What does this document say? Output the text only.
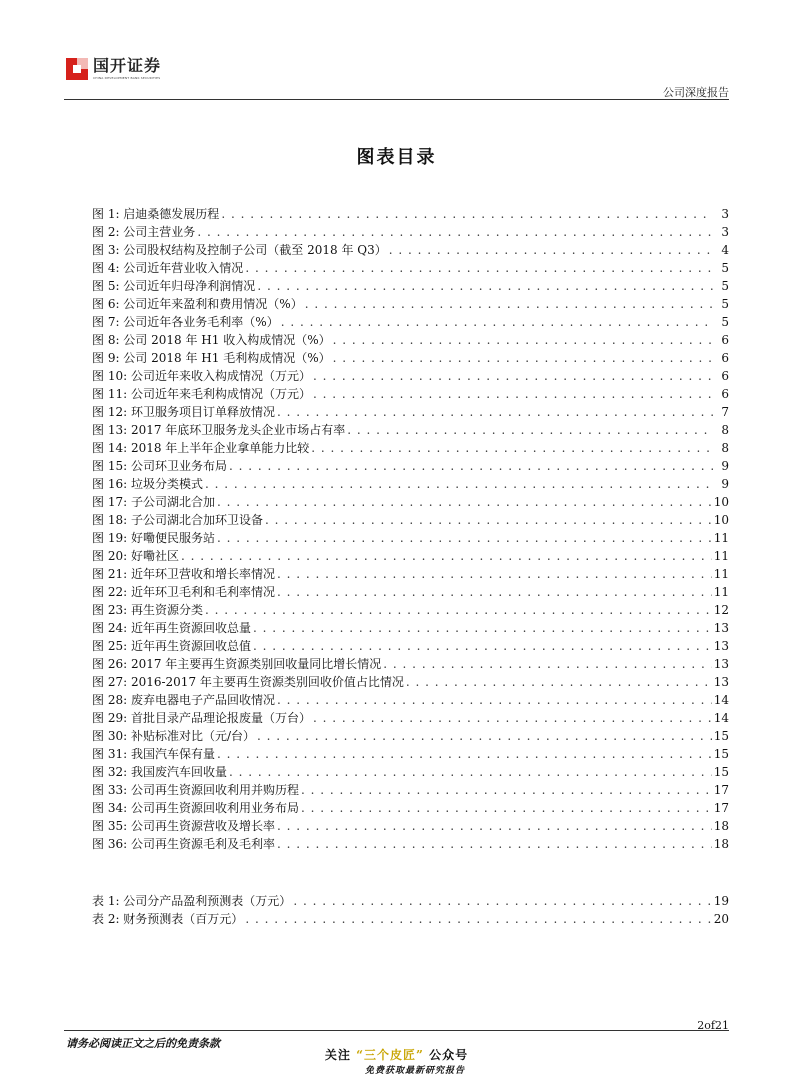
国开证券
CHINA DEVELOPMENT BANK SECURITIES
公司深度报告
图表目录
图 1: 启迪桑德发展历程 . . .	3
图 2: 公司主营业务 . . .	3
图 3: 公司股权结构及控制子公司（截至 2018 年 Q3） . . .	4
图 4: 公司近年营业收入情况 . . .	5
图 5: 公司近年归母净利润情况 . . .	5
图 6: 公司近年来盈利和费用情况（%） . . .	5
图 7: 公司近年各业务毛利率（%） . . .	5
图 8: 公司 2018 年 H1 收入构成情况（%） . . .	6
图 9: 公司 2018 年 H1 毛利构成情况（%） . . .	6
图 10: 公司近年来收入构成情况（万元） . . .	6
图 11: 公司近年来毛利构成情况（万元） . . .	6
图 12: 环卫服务项目订单释放情况 . . .	7
图 13: 2017 年底环卫服务龙头企业市场占有率 . . .	8
图 14: 2018 年上半年企业拿单能力比较 . . .	8
图 15: 公司环卫业务布局 . . .	9
图 16: 垃圾分类模式 . . .	9
图 17: 子公司湖北合加 . . .	10
图 18: 子公司湖北合加环卫设备 . . .	10
图 19: 好嘞便民服务站 . . .	11
图 20: 好嘞社区 . . .	11
图 21: 近年环卫营收和增长率情况 . . .	11
图 22: 近年环卫毛利和毛利率情况 . . .	11
图 23: 再生资源分类 . . .	12
图 24: 近年再生资源回收总量 . . .	13
图 25: 近年再生资源回收总值 . . .	13
图 26: 2017 年主要再生资源类别回收量同比增长情况 . . .	13
图 27: 2016-2017 年主要再生资源类别回收价值占比情况 . . .	13
图 28: 废弃电器电子产品回收情况 . . .	14
图 29: 首批目录产品理论报废量（万台） . . .	14
图 30: 补贴标准对比（元/台） . . .	15
图 31: 我国汽车保有量 . . .	15
图 32: 我国废汽车回收量 . . .	15
图 33: 公司再生资源回收利用并购历程 . . .	17
图 34: 公司再生资源回收利用业务布局 . . .	17
图 35: 公司再生资源营收及增长率 . . .	18
图 36: 公司再生资源毛利及毛利率 . . .	18
表 1: 公司分产品盈利预测表（万元） . . .	19
表 2: 财务预测表（百万元） . . .	20
2of21
请务必阅读正文之后的免责条款
关注 “三个皮匠” 公众号
免费获取最新研究报告
